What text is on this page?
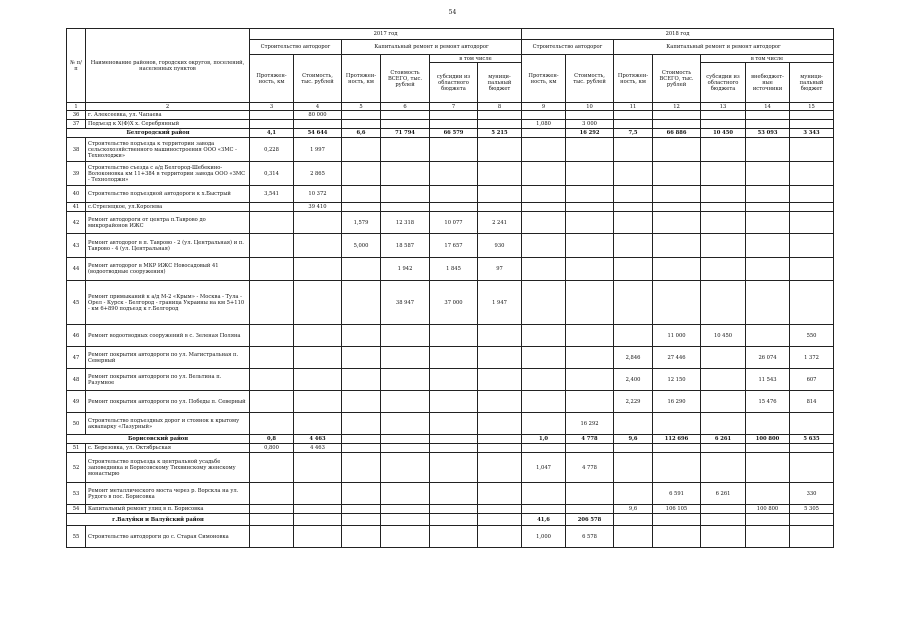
54
№ п/п	Наименование районов, городских округов, поселений, населенных пунктов	2017 год						2018 год						
		Строительство автодорог		Капитальный ремонт и ремонт автодорог				Строительство автодорог		Капитальный ремонт и ремонт автодорог				
		Протяжен-ность, км	Стоимость, тыс. рублей	Протяжен-ность, км	Стоимость ВСЕГО, тыс. рублей	в том числе		Протяжен-ность, км	Стоимость, тыс. рублей	Протяжен-ность, км	Стоимость ВСЕГО, тыс. рублей	в том числе		
						субсидии из областного бюджета	муници-пальный бюджет					субсидии из областного бюджета	внебюджет-ные источники	муници-пальный бюджет
1	2	3	4	5	6	7	8	9	10	11	12	13	14	15
36	г. Алексеевка, ул. Чапаева		80 000											
37	Подъезд к Х(Ф)Х х. Серебрянный							1,080	3 000					
Белгородский район		4,1	54 644	6,6	71 794	66 579	5 215		16 292	7,5	66 886	10 450	53 093	3 343
38	Строительство подъезда к территории завода сельскохозяйственного машиностроения ООО «ЗМС - Технолоджи»	0,228	1 997											
39	Строительство съезда с а/д Белгород-Шебекино-Волоконовка км 11+384 в территории завода ООО «ЗМС - Технолоджи»	0,314	2 865											
40	Строительство подъездной автодороги к х.Быстрый	3,541	10 372											
41	с.Стрелецкое, ул.Королева		39 410											
42	Ремонт автодороги от центра п.Таврово до микрорайонов ИЖС			1,579	12 318	10 077	2 241							
43	Ремонт автодорог в п. Таврово - 2 (ул. Центральная) и п. Таврово - 4 (ул. Центральная)			5,000	18 587	17 657	930							
44	Ремонт автодорог в МКР ИЖС Новосадовый 41 (водоотводные сооружения)				1 942	1 845	97							
45	Ремонт примыканий к а/д М-2 «Крым» - Москва - Тула - Орел - Курск - Белгород - граница Украины на км 5+110 - км 6+890 подъезд к г.Белгород				38 947	37 000	1 947							
46	Ремонт водоотводных сооружений в с. Зеленая Поляна										11 000	10 450		550
47	Ремонт покрытия автодороги по ул. Магистральная п. Северный									2,846	27 446		26 074	1 372
48	Ремонт покрытия автодороги по ул. Вельтина п. Разумное									2,400	12 150		11 543	607
49	Ремонт покрытия автодороги по ул. Победы п. Северный									2,229	16 290		15 476	814
50	Строительство подъездных дорог и стоянок к крытому аквапарку «Лазурный»								16 292					
Борисовский район		0,8	4 463					1,0	4 778	9,6	112 696	6 261	100 800	5 635
51	с. Березовка, ул. Октябрьская	0,800	4 463											
52	Строительство подъезда к центральной усадьбе заповедника и Борисовскому Тихвинскому женскому монастырю							1,047	4 778					
53	Ремонт металлического моста через р. Ворскла на ул. Рудого в пос. Борисовка										6 591	6 261		330
54	Капитальный ремонт улиц в п. Борисовка									9,6	106 105		100 800	5 305
г.Валуйки и Валуйский район								41,6	206 578					
55	Строительство автодороги до с. Старая Симоновка							1,000	6 578					
